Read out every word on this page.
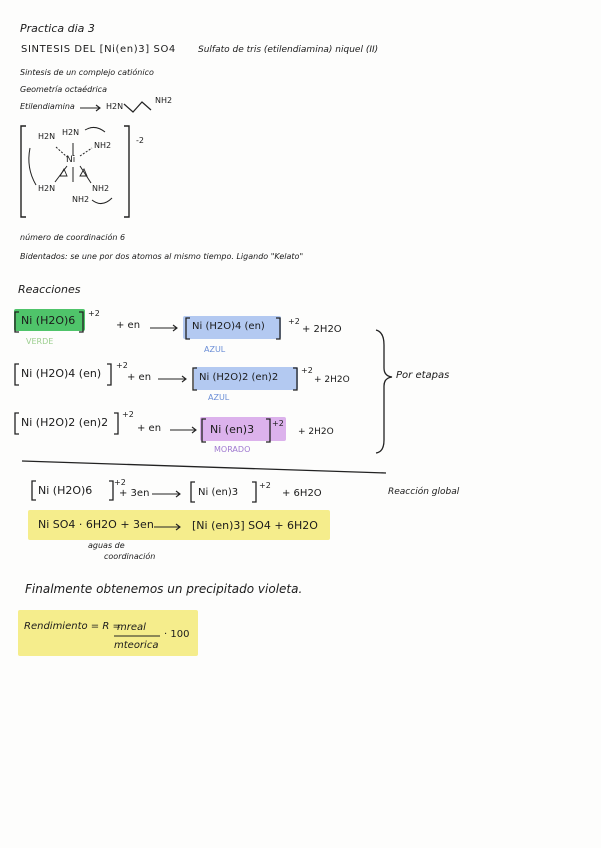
Practica dia 3
SINTESIS DEL [Ni(en)3] SO4 Sulfato de tris (etilendiamina) niquel (II)
Sintesis de un complejo catiónico
Geometría octaédrica
Etilendiamina	H2N
NH2
H2N H2N
NH2
Ni
H2N	NH2
NH2
-2
número de coordinación 6
Bidentados: se une por dos atomos al mismo tiempo. Ligando "Kelato"
Reacciones
Ni (H2O)6
+2
+ en	Ni (H2O)4 (en)	+2
+ 2H2O
VERDE
AZUL
Ni (H2O)4 (en)
+2
+ en	Ni (H2O)2 (en)2
+2
+ 2H2O
AZUL
Ni (H2O)2 (en)2
+2
+ en	Ni (en)3 +2
+ 2H2O
MORADO
Por etapas
Ni (H2O)6
+2
+ 3en	Ni (en)3
+2
+ 6H2O	Reacción global
Ni SO4 · 6H2O + 3en	[Ni (en)3] SO4 + 6H2O
aguas de
coordinación
Finalmente obtenemos un precipitado violeta.
Rendimiento = R =
mreal
mteorica
· 100
